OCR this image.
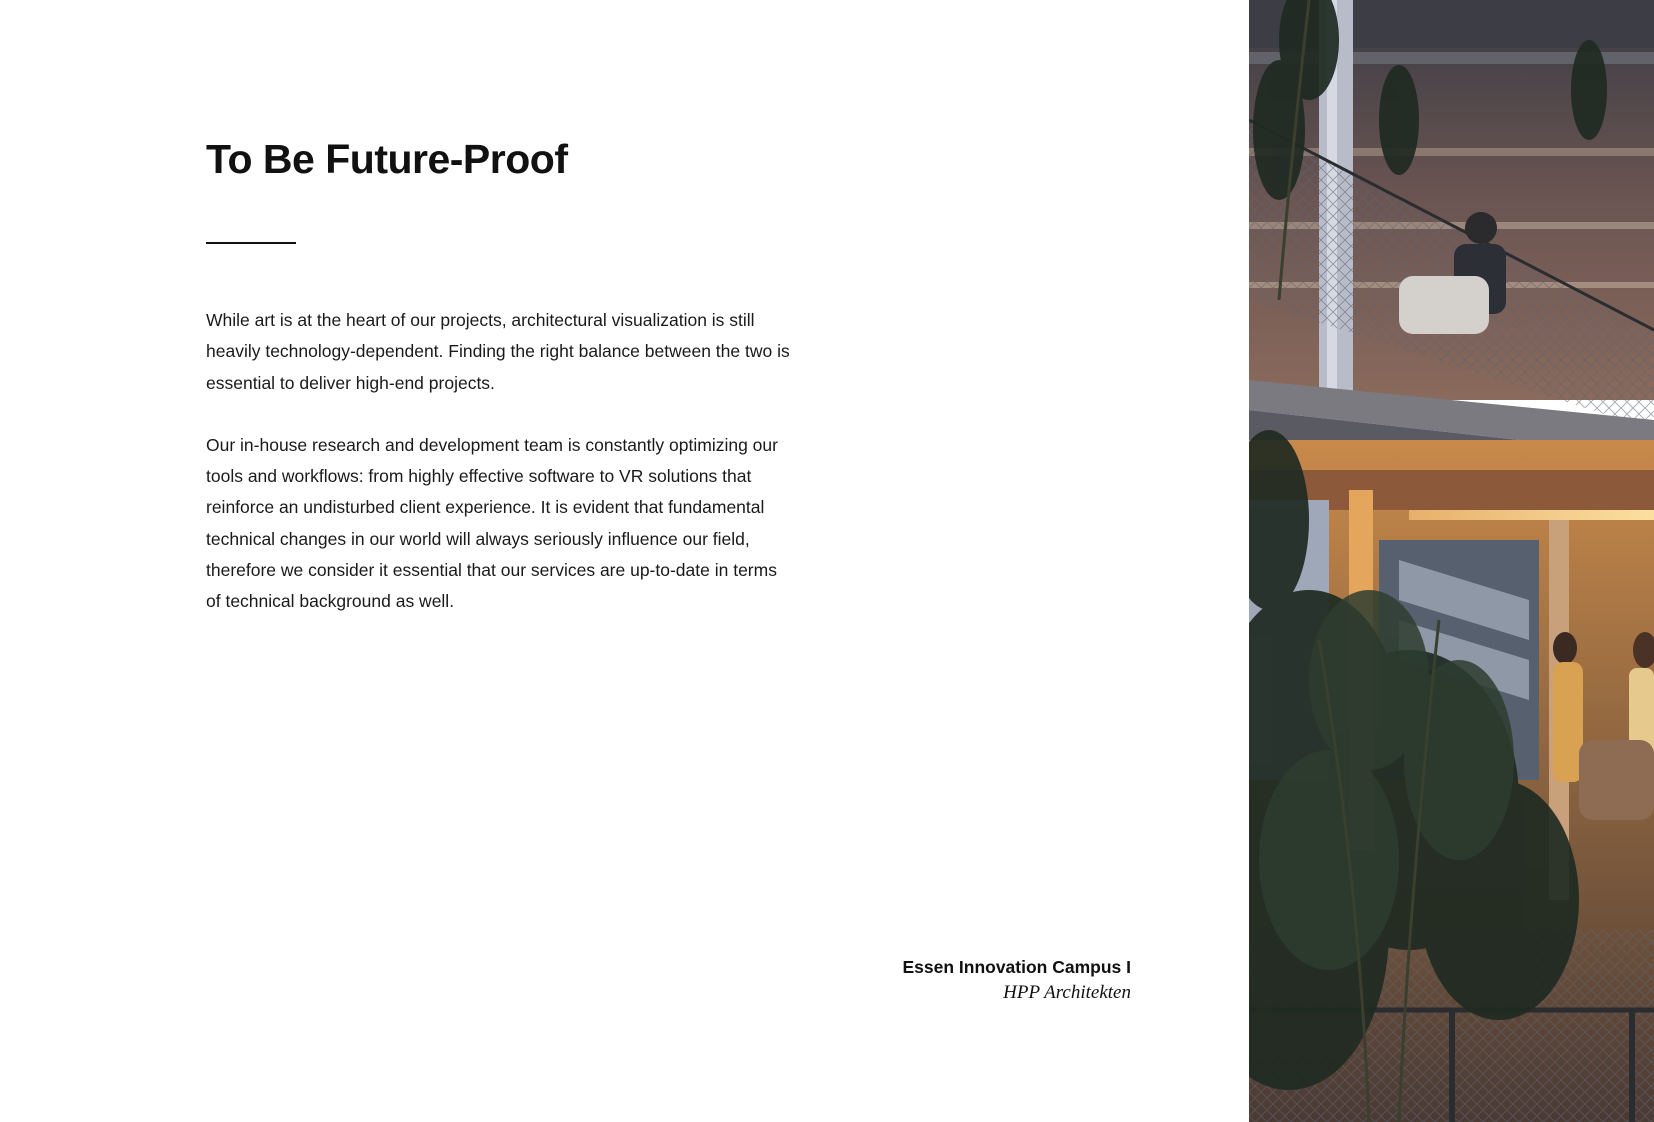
To Be Future-Proof

While art is at the heart of our projects, architectural visualization is still heavily technology-dependent. Finding the right balance between the two is essential to deliver high-end projects.

Our in-house research and development team is constantly optimizing our tools and workflows: from highly effective software to VR solutions that reinforce an undisturbed client experience. It is evident that fundamental technical changes in our world will always seriously influence our field, therefore we consider it essential that our services are up-to-date in terms of technical background as well.

Essen Innovation Campus I
HPP Architekten
